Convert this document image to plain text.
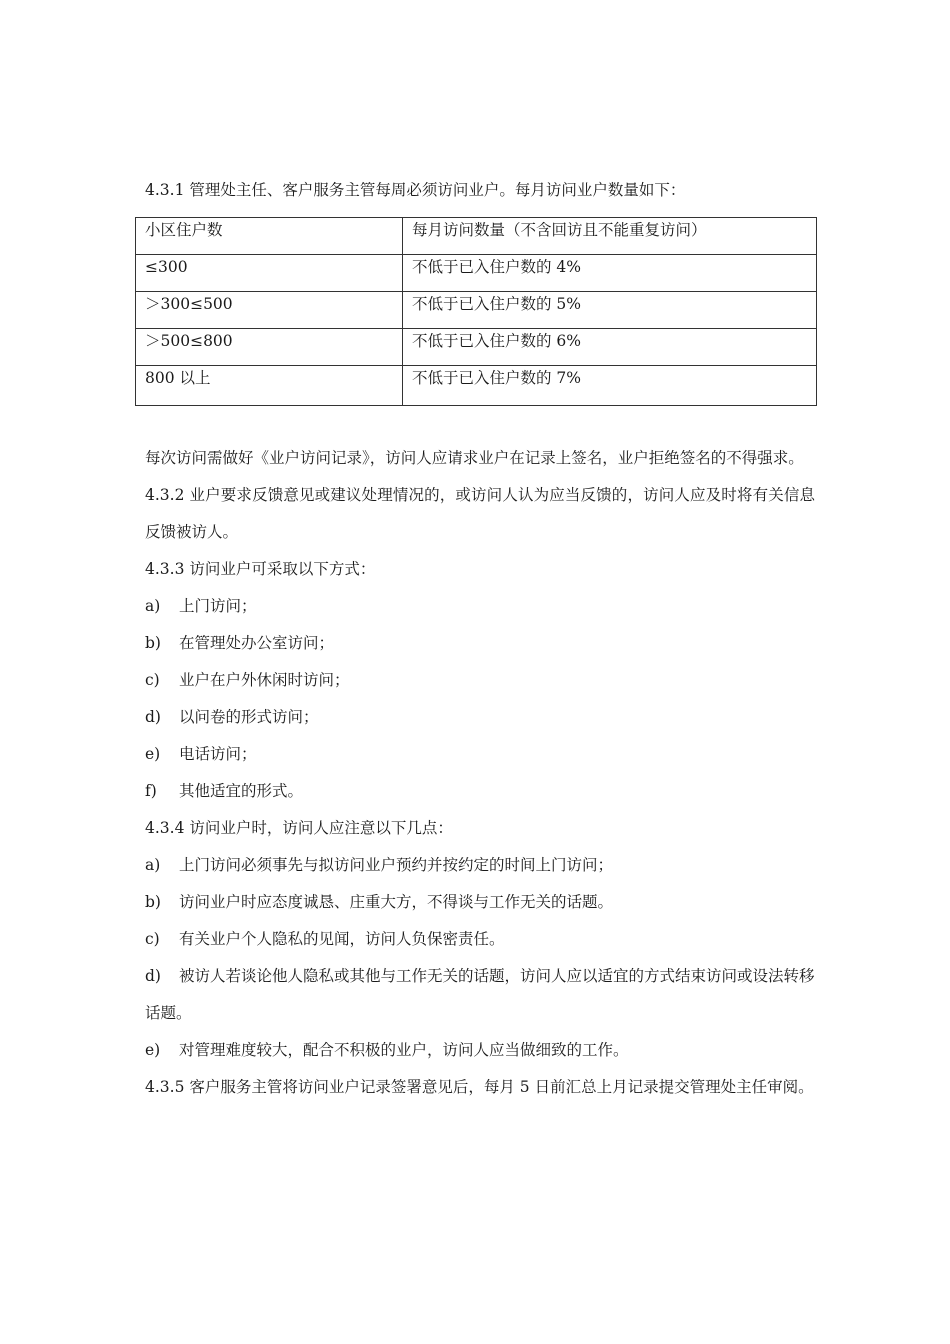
4.3.1 管理处主任、客户服务主管每周必须访问业户。每月访问业户数量如下：
小区住户数	每月访问数量（不含回访且不能重复访问）
≤300	不低于已入住户数的 4%
＞300≤500	不低于已入住户数的 5%
＞500≤800	不低于已入住户数的 6%
800 以上	不低于已入住户数的 7%

每次访问需做好《业户访问记录》，访问人应请求业户在记录上签名，业户拒绝签名的不得强求。

4.3.2 业户要求反馈意见或建议处理情况的，或访问人认为应当反馈的，访问人应及时将有关信息反馈被访人。

4.3.3 访问业户可采取以下方式：

a)	上门访问；
b)	在管理处办公室访问；
c)	业户在户外休闲时访问；
d)	以问卷的形式访问；
e)	电话访问；
f)	其他适宜的形式。

4.3.4 访问业户时，访问人应注意以下几点：

a)	上门访问必须事先与拟访问业户预约并按约定的时间上门访问；
b)	访问业户时应态度诚恳、庄重大方，不得谈与工作无关的话题。
c)	有关业户个人隐私的见闻，访问人负保密责任。
d) 被访人若谈论他人隐私或其他与工作无关的话题，访问人应以适宜的方式结束访问或设法转移话题。
e)	对管理难度较大，配合不积极的业户，访问人应当做细致的工作。

4.3.5 客户服务主管将访问业户记录签署意见后，每月 5 日前汇总上月记录提交管理处主任审阅。
